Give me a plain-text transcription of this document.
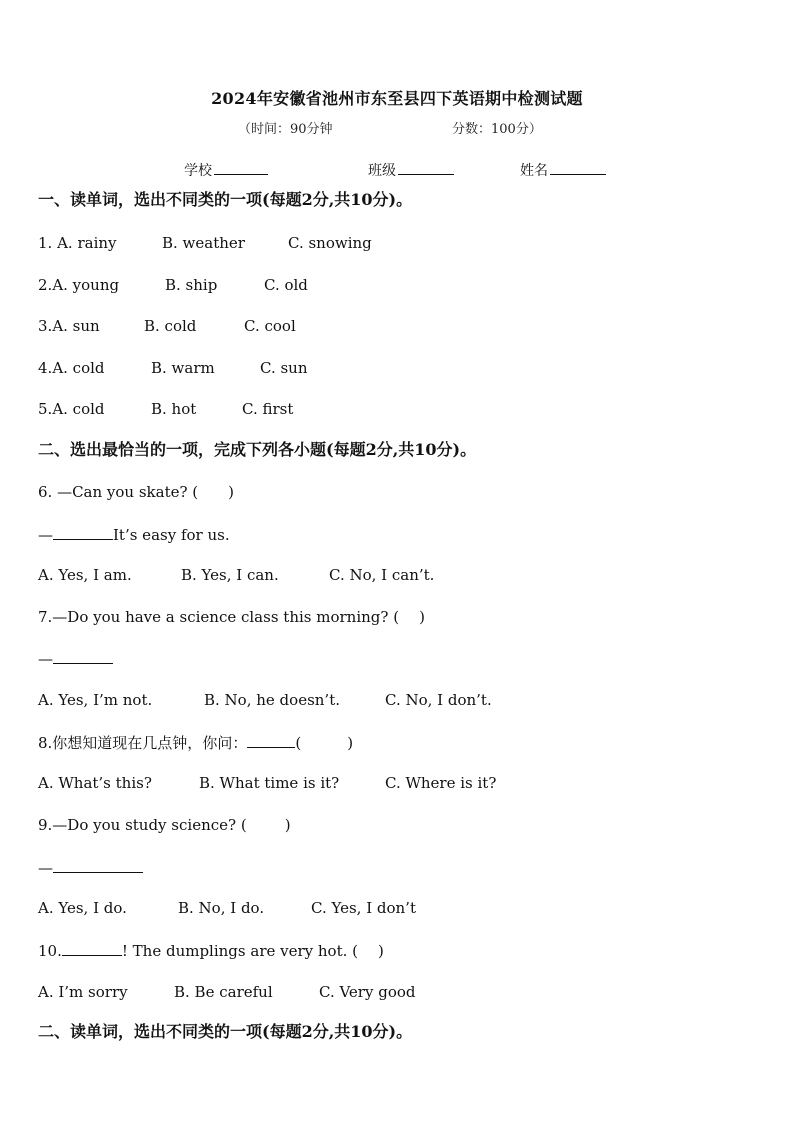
2024年安徽省池州市东至县四下英语期中检测试题
（时间：90分钟	分数：100分）
学校	班级	姓名
一、读单词，选出不同类的一项(每题2分,共10分)。
1. A. rainy	B. weather	C. snowing
2.A. young	B. ship	C. old
3.A. sun	B. cold	C. cool
4.A. cold	B. warm	C. sun
5.A. cold	B. hot	C. first
二、选出最恰当的一项，完成下列各小题(每题2分,共10分)。
6. —Can you skate? ( )
—	It’s easy for us.
A. Yes, I am.	B. Yes, I can.	C. No, I can’t.
7.—Do you have a science class this morning? ( )
—
A. Yes, I’m not.	B. No, he doesn’t.	C. No, I don’t.
8.你想知道现在几点钟，你问：	(	)
A. What’s this?	B. What time is it?	C. Where is it?
9.—Do you study science? (	)
—
A. Yes, I do.	B. No, I do.	C. Yes, I don’t
10.	! The dumplings are very hot. ( )
A. I’m sorry	B. Be careful	C. Very good
二、读单词，选出不同类的一项(每题2分,共10分)。
